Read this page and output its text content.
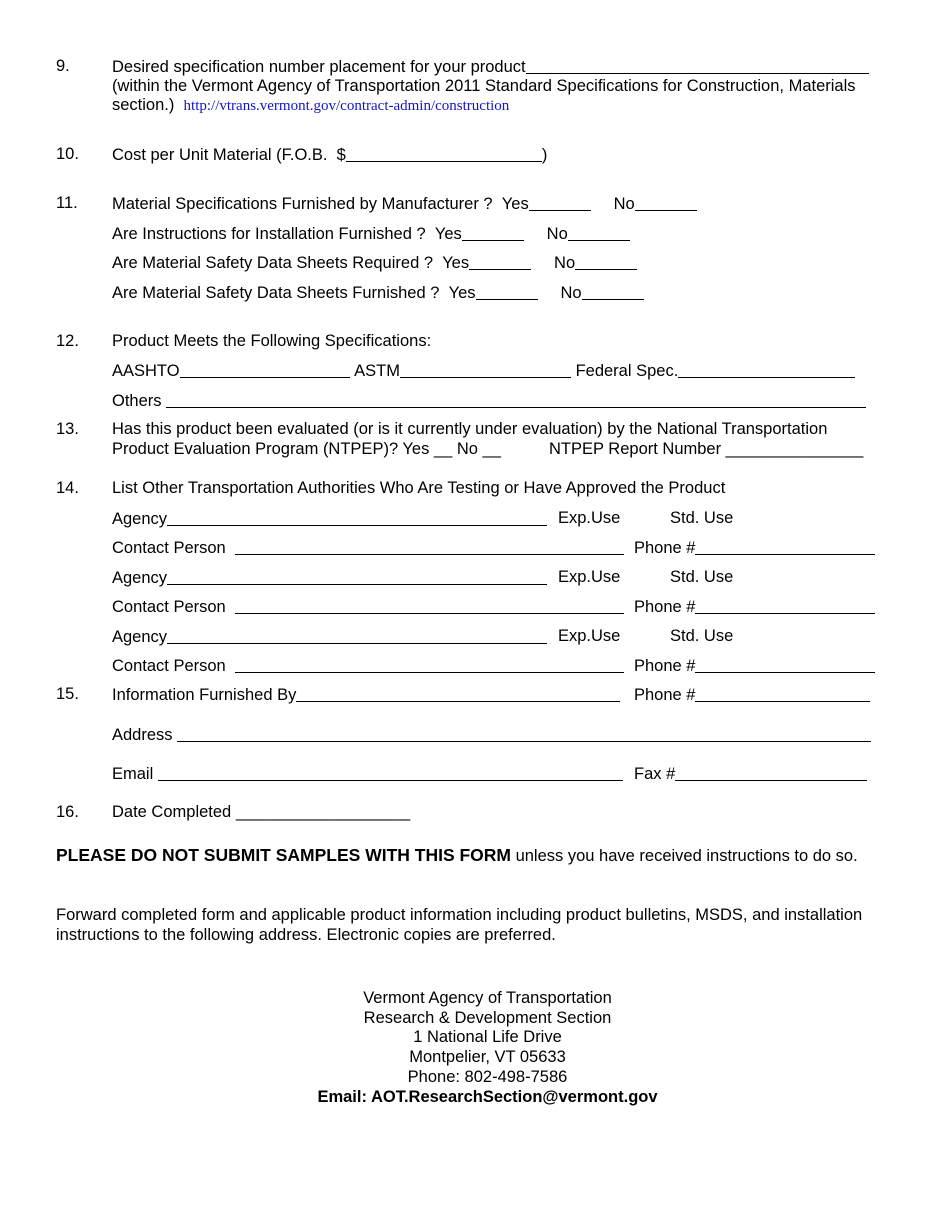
9.	Desired specification number placement for your product
(within the Vermont Agency of Transportation 2011 Standard Specifications for Construction, Materials
section.) http://vtrans.vermont.gov/contract-admin/construction
10. Cost per Unit Material (F.O.B. $	)
11. Material Specifications Furnished by Manufacturer ? Yes	No
Are Instructions for Installation Furnished ? Yes	No
Are Material Safety Data Sheets Required ? Yes	No
Are Material Safety Data Sheets Furnished ? Yes	No
12. Product Meets the Following Specifications:
AASHTO	ASTM	Federal Spec.
Others
13. Has this product been evaluated (or is it currently under evaluation) by the National Transportation
Product Evaluation Program (NTPEP)? Yes __ No __	NTPEP Report Number _______________
14. List Other Transportation Authorities Who Are Testing or Have Approved the Product
Agency	Exp.Use	Std. Use
Contact Person	Phone #
Agency	Exp.Use	Std. Use
Contact Person	Phone #
Agency	Exp.Use	Std. Use
Contact Person	Phone #
15. Information Furnished By	Phone #
Address
Email	Fax #
16. Date Completed ___________________
PLEASE DO NOT SUBMIT SAMPLES WITH THIS FORM unless you have received instructions to do so.
Forward completed form and applicable product information including product bulletins, MSDS, and installation instructions to the following address. Electronic copies are preferred.
Vermont Agency of Transportation
Research & Development Section
1 National Life Drive
Montpelier, VT 05633
Phone: 802-498-7586
Email: AOT.ResearchSection@vermont.gov
